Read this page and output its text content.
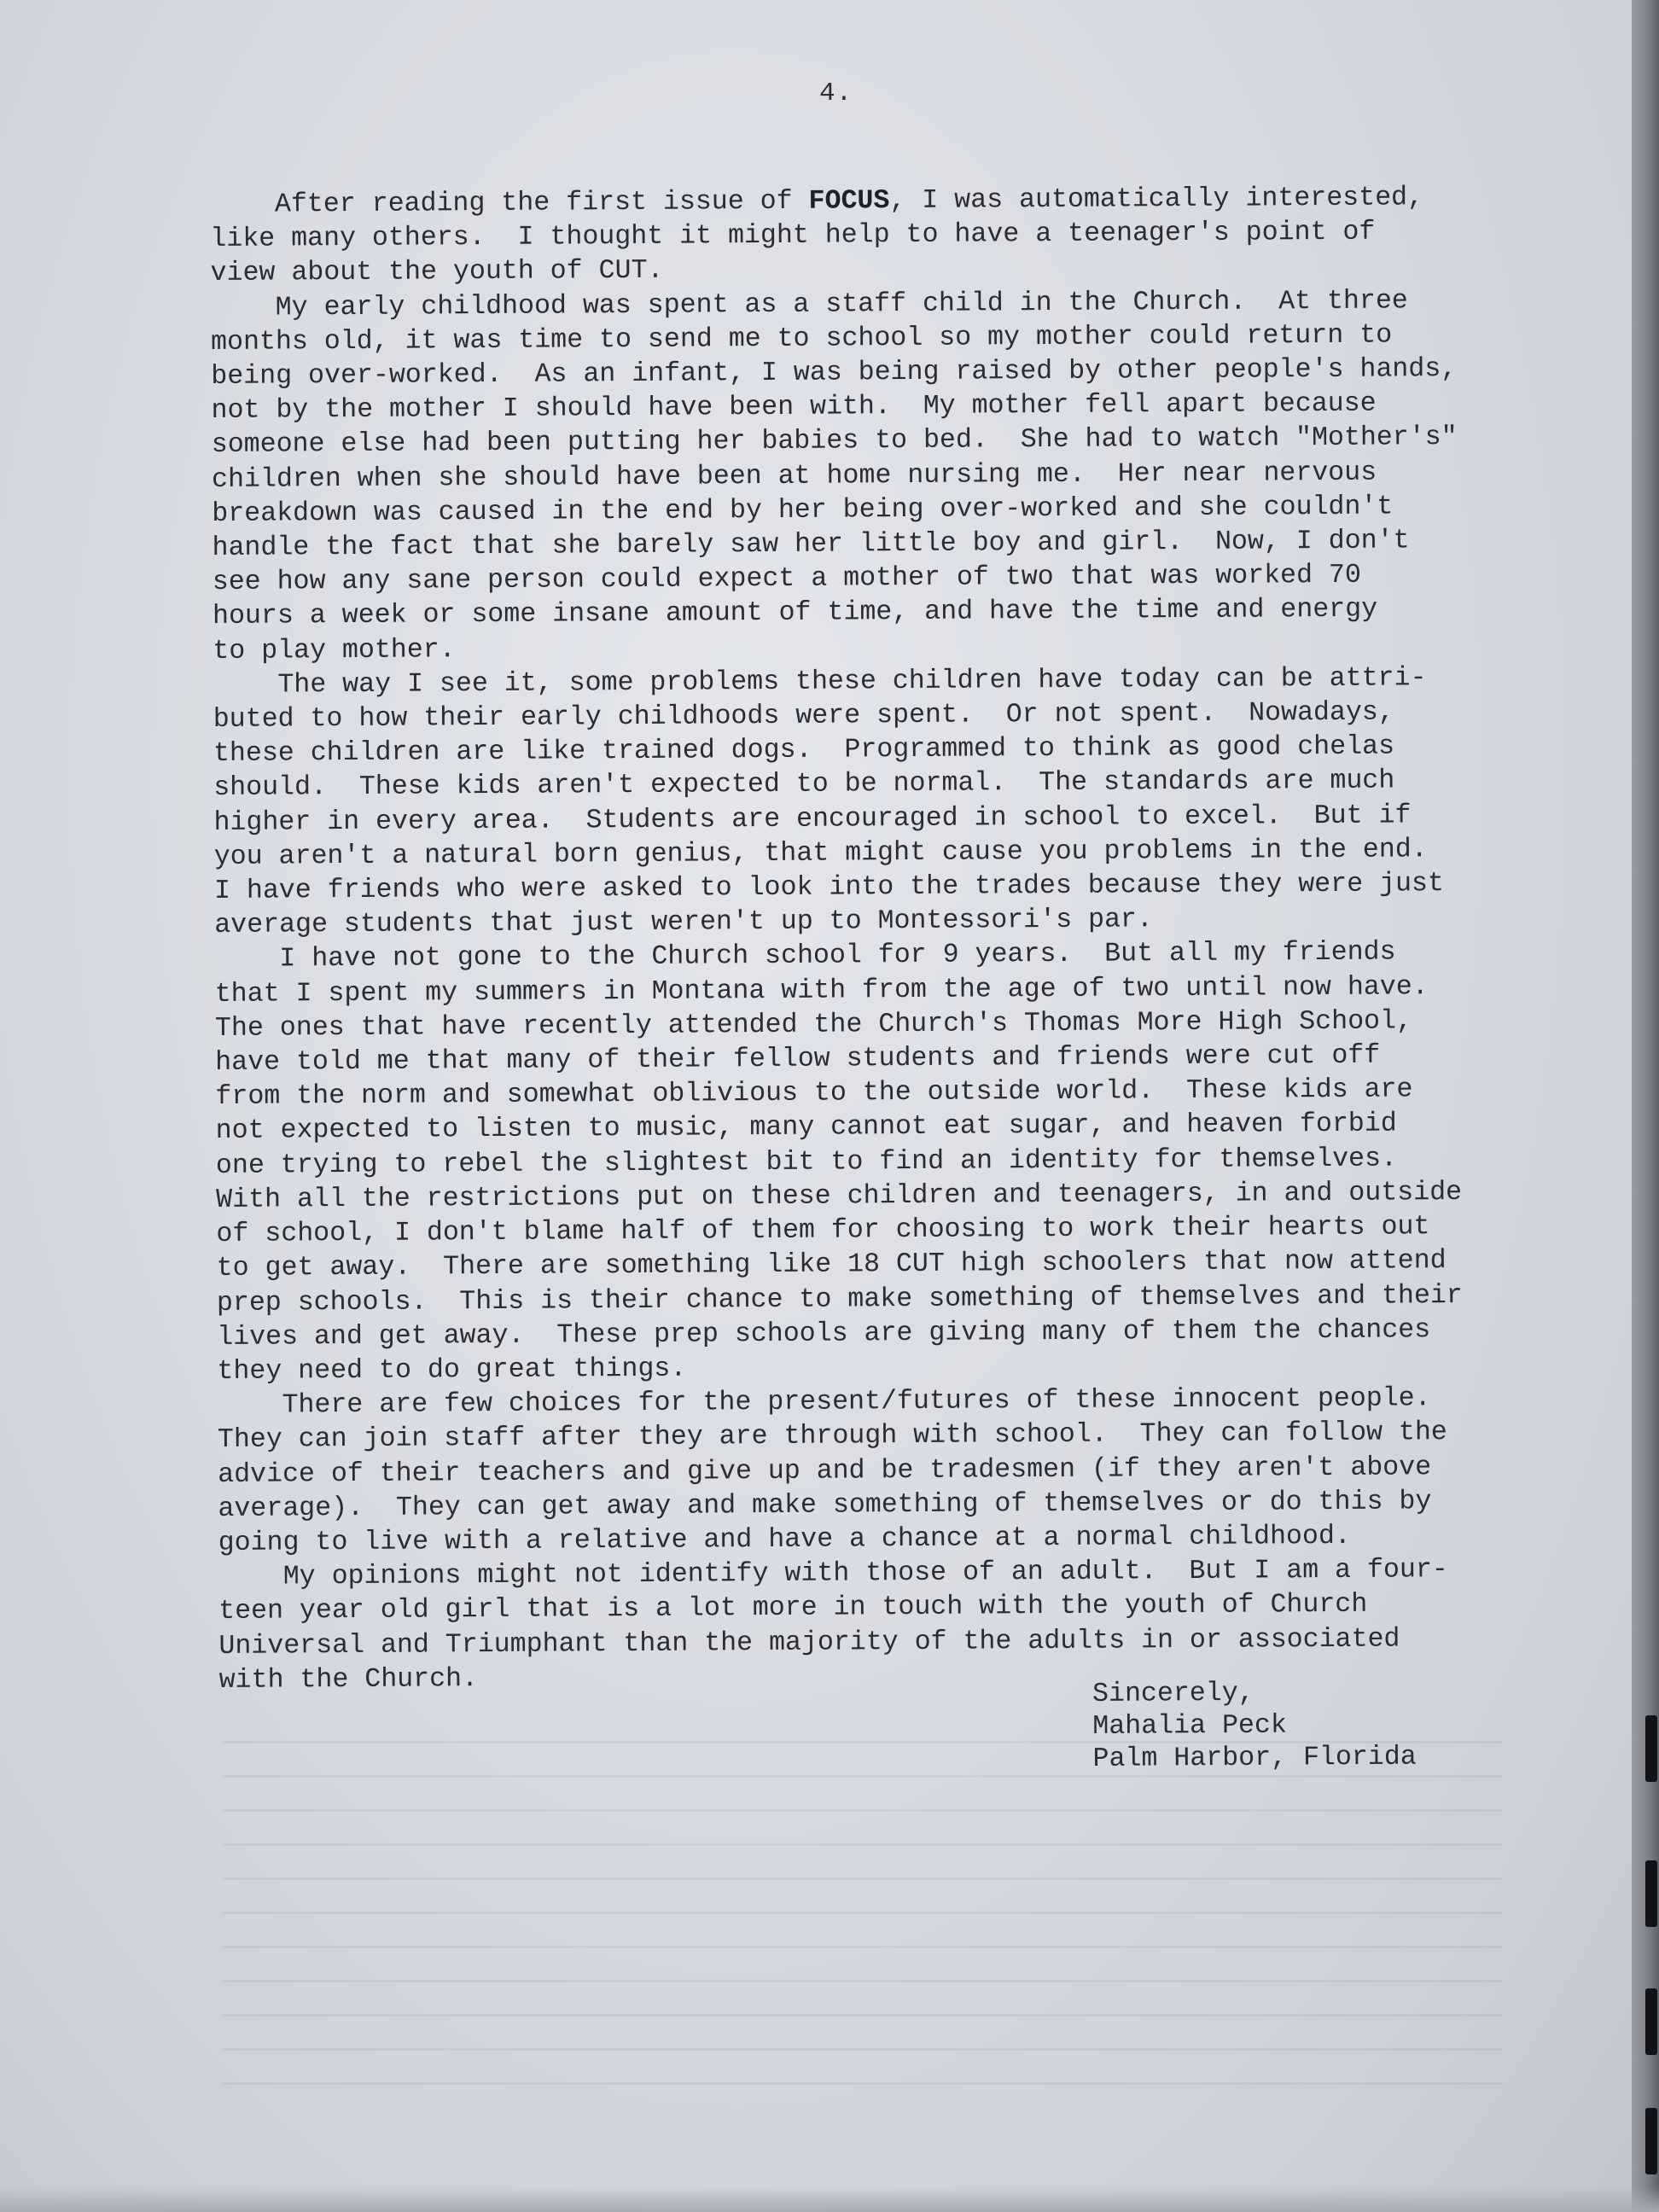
4.

After reading the first issue of FOCUS, I was automatically interested,
like many others.  I thought it might help to have a teenager's point of
view about the youth of CUT.
My early childhood was spent as a staff child in the Church.  At three
months old, it was time to send me to school so my mother could return to
being over-worked.  As an infant, I was being raised by other people's hands,
not by the mother I should have been with.  My mother fell apart because
someone else had been putting her babies to bed.  She had to watch "Mother's"
children when she should have been at home nursing me.  Her near nervous
breakdown was caused in the end by her being over-worked and she couldn't
handle the fact that she barely saw her little boy and girl.  Now, I don't
see how any sane person could expect a mother of two that was worked 70
hours a week or some insane amount of time, and have the time and energy
to play mother.
The way I see it, some problems these children have today can be attri-
buted to how their early childhoods were spent.  Or not spent.  Nowadays,
these children are like trained dogs.  Programmed to think as good chelas
should.  These kids aren't expected to be normal.  The standards are much
higher in every area.  Students are encouraged in school to excel.  But if
you aren't a natural born genius, that might cause you problems in the end.
I have friends who were asked to look into the trades because they were just
average students that just weren't up to Montessori's par.
I have not gone to the Church school for 9 years.  But all my friends
that I spent my summers in Montana with from the age of two until now have.
The ones that have recently attended the Church's Thomas More High School,
have told me that many of their fellow students and friends were cut off
from the norm and somewhat oblivious to the outside world.  These kids are
not expected to listen to music, many cannot eat sugar, and heaven forbid
one trying to rebel the slightest bit to find an identity for themselves.
With all the restrictions put on these children and teenagers, in and outside
of school, I don't blame half of them for choosing to work their hearts out
to get away.  There are something like 18 CUT high schoolers that now attend
prep schools.  This is their chance to make something of themselves and their
lives and get away.  These prep schools are giving many of them the chances
they need to do great things.
There are few choices for the present/futures of these innocent people.
They can join staff after they are through with school.  They can follow the
advice of their teachers and give up and be tradesmen (if they aren't above
average).  They can get away and make something of themselves or do this by
going to live with a relative and have a chance at a normal childhood.
My opinions might not identify with those of an adult.  But I am a four-
teen year old girl that is a lot more in touch with the youth of Church
Universal and Triumphant than the majority of the adults in or associated
with the Church.	Sincerely,
Mahalia Peck
Palm Harbor, Florida
